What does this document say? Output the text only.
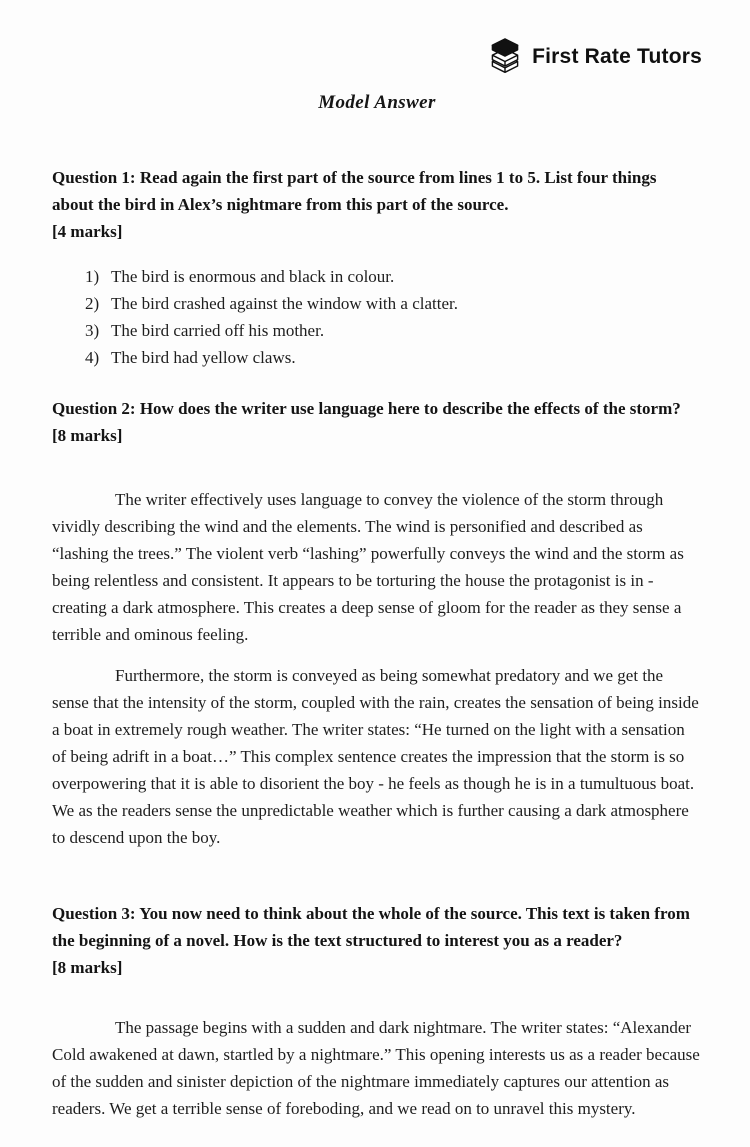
First Rate Tutors
Model Answer
Question 1: Read again the first part of the source from lines 1 to 5. List four things about the bird in Alex’s nightmare from this part of the source.
[4 marks]
1) The bird is enormous and black in colour.
2) The bird crashed against the window with a clatter.
3) The bird carried off his mother.
4) The bird had yellow claws.
Question 2: How does the writer use language here to describe the effects of the storm?
[8 marks]

The writer effectively uses language to convey the violence of the storm through vividly describing the wind and the elements. The wind is personified and described as “lashing the trees.” The violent verb “lashing” powerfully conveys the wind and the storm as being relentless and consistent. It appears to be torturing the house the protagonist is in - creating a dark atmosphere. This creates a deep sense of gloom for the reader as they sense a terrible and ominous feeling.

Furthermore, the storm is conveyed as being somewhat predatory and we get the sense that the intensity of the storm, coupled with the rain, creates the sensation of being inside a boat in extremely rough weather. The writer states: “He turned on the light with a sensation of being adrift in a boat…” This complex sentence creates the impression that the storm is so overpowering that it is able to disorient the boy - he feels as though he is in a tumultuous boat. We as the readers sense the unpredictable weather which is further causing a dark atmosphere to descend upon the boy.

Question 3: You now need to think about the whole of the source. This text is taken from the beginning of a novel. How is the text structured to interest you as a reader?
[8 marks]

The passage begins with a sudden and dark nightmare. The writer states: “Alexander Cold awakened at dawn, startled by a nightmare.” This opening interests us as a reader because of the sudden and sinister depiction of the nightmare immediately captures our attention as readers. We get a terrible sense of foreboding, and we read on to unravel this mystery.
